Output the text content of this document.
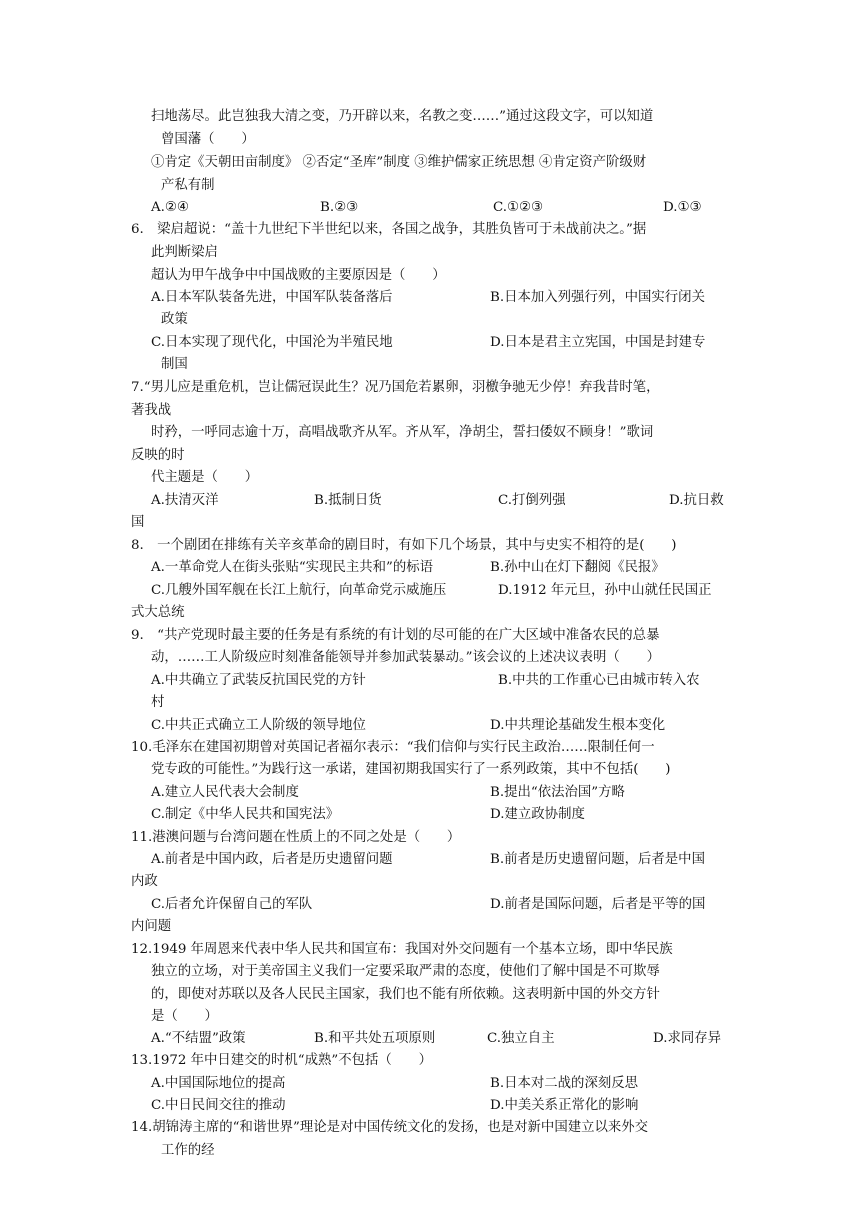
扫地荡尽。此岂独我大清之变，乃开辟以来，名教之变……”通过这段文字，可以知道
曾国藩（　　）
①肯定《天朝田亩制度》 ②否定“圣库”制度 ③维护儒家正统思想 ④肯定资产阶级财
产私有制
A.②④	B.②③	C.①②③	D.①③
6.　梁启超说：“盖十九世纪下半世纪以来，各国之战争，其胜负皆可于未战前决之。”据
此判断梁启
超认为甲午战争中中国战败的主要原因是（　　）
A.日本军队装备先进，中国军队装备落后	B.日本加入列强行列，中国实行闭关
政策
C.日本实现了现代化，中国沦为半殖民地	D.日本是君主立宪国，中国是封建专
制国
7.“男儿应是重危机，岂让儒冠误此生？况乃国危若累卵，羽檄争驰无少停！弃我昔时笔，
著我战
时矜，一呼同志逾十万，高唱战歌齐从军。齐从军，净胡尘，誓扫倭奴不顾身！”歌词
反映的时
代主题是（　　）
A.扶清灭洋	B.抵制日货	C.打倒列强	D.抗日救
国
8.　一个剧团在排练有关辛亥革命的剧目时，有如下几个场景，其中与史实不相符的是(　　)
A.一革命党人在街头张贴“实现民主共和”的标语	B.孙中山在灯下翻阅《民报》
C.几艘外国军舰在长江上航行，向革命党示威施压	D.1912 年元旦，孙中山就任民国正
式大总统
9.　“共产党现时最主要的任务是有系统的有计划的尽可能的在广大区域中准备农民的总暴
动，……工人阶级应时刻准备能领导并参加武装暴动。”该会议的上述决议表明（　　）
A.中共确立了武装反抗国民党的方针	B.中共的工作重心已由城市转入农
村
C.中共正式确立工人阶级的领导地位	D.中共理论基础发生根本变化
10.毛泽东在建国初期曾对英国记者福尔表示：“我们信仰与实行民主政治……限制任何一
党专政的可能性。”为践行这一承诺，建国初期我国实行了一系列政策，其中不包括(　　)
A.建立人民代表大会制度	B.提出“依法治国”方略
C.制定《中华人民共和国宪法》	D.建立政协制度
11.港澳问题与台湾问题在性质上的不同之处是（　　）
A.前者是中国内政，后者是历史遗留问题	B.前者是历史遗留问题，后者是中国
内政
C.后者允许保留自己的军队	D.前者是国际问题，后者是平等的国
内问题
12.1949 年周恩来代表中华人民共和国宣布：我国对外交问题有一个基本立场，即中华民族
独立的立场，对于美帝国主义我们一定要采取严肃的态度，使他们了解中国是不可欺辱
的，即使对苏联以及各人民民主国家，我们也不能有所依赖。这表明新中国的外交方针
是（　　）
A.“不结盟”政策	B.和平共处五项原则	C.独立自主	D.求同存异
13.1972 年中日建交的时机“成熟”不包括（　　）
A.中国国际地位的提高	B.日本对二战的深刻反思
C.中日民间交往的推动	D.中美关系正常化的影响
14.胡锦涛主席的“和谐世界”理论是对中国传统文化的发扬，也是对新中国建立以来外交
工作的经
